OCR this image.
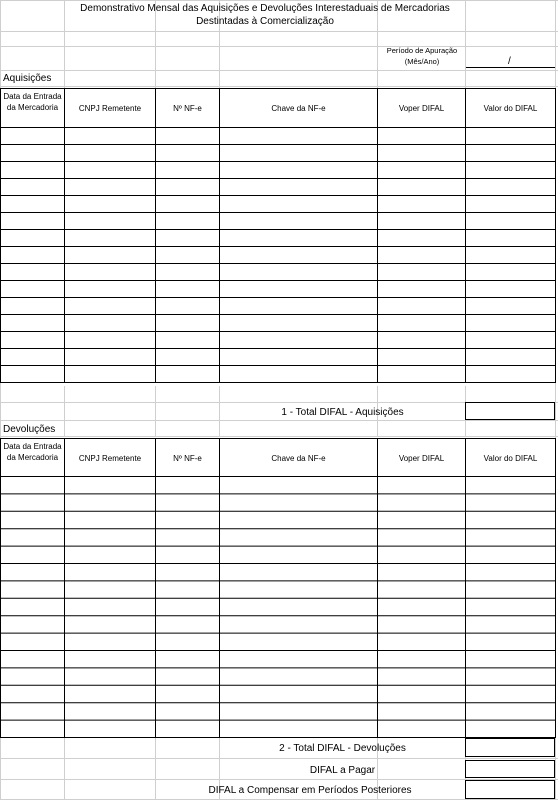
Demonstrativo Mensal das Aquisições e Devoluções Interestaduais de Mercadorias
Destintadas à Comercialização
Período de Apuração
(Mês/Ano)	/
Aquisições
Data da Entrada da Mercadoria	CNPJ Remetente	Nº NF-e	Chave da NF-e	Voper DIFAL	Valor do DIFAL
1 - Total DIFAL - Aquisições
Devoluções
Data da Entrada da Mercadoria	CNPJ Remetente	Nº NF-e	Chave da NF-e	Voper DIFAL	Valor do DIFAL
2 - Total DIFAL - Devoluções
DIFAL a Pagar
DIFAL a Compensar em Períodos Posteriores
